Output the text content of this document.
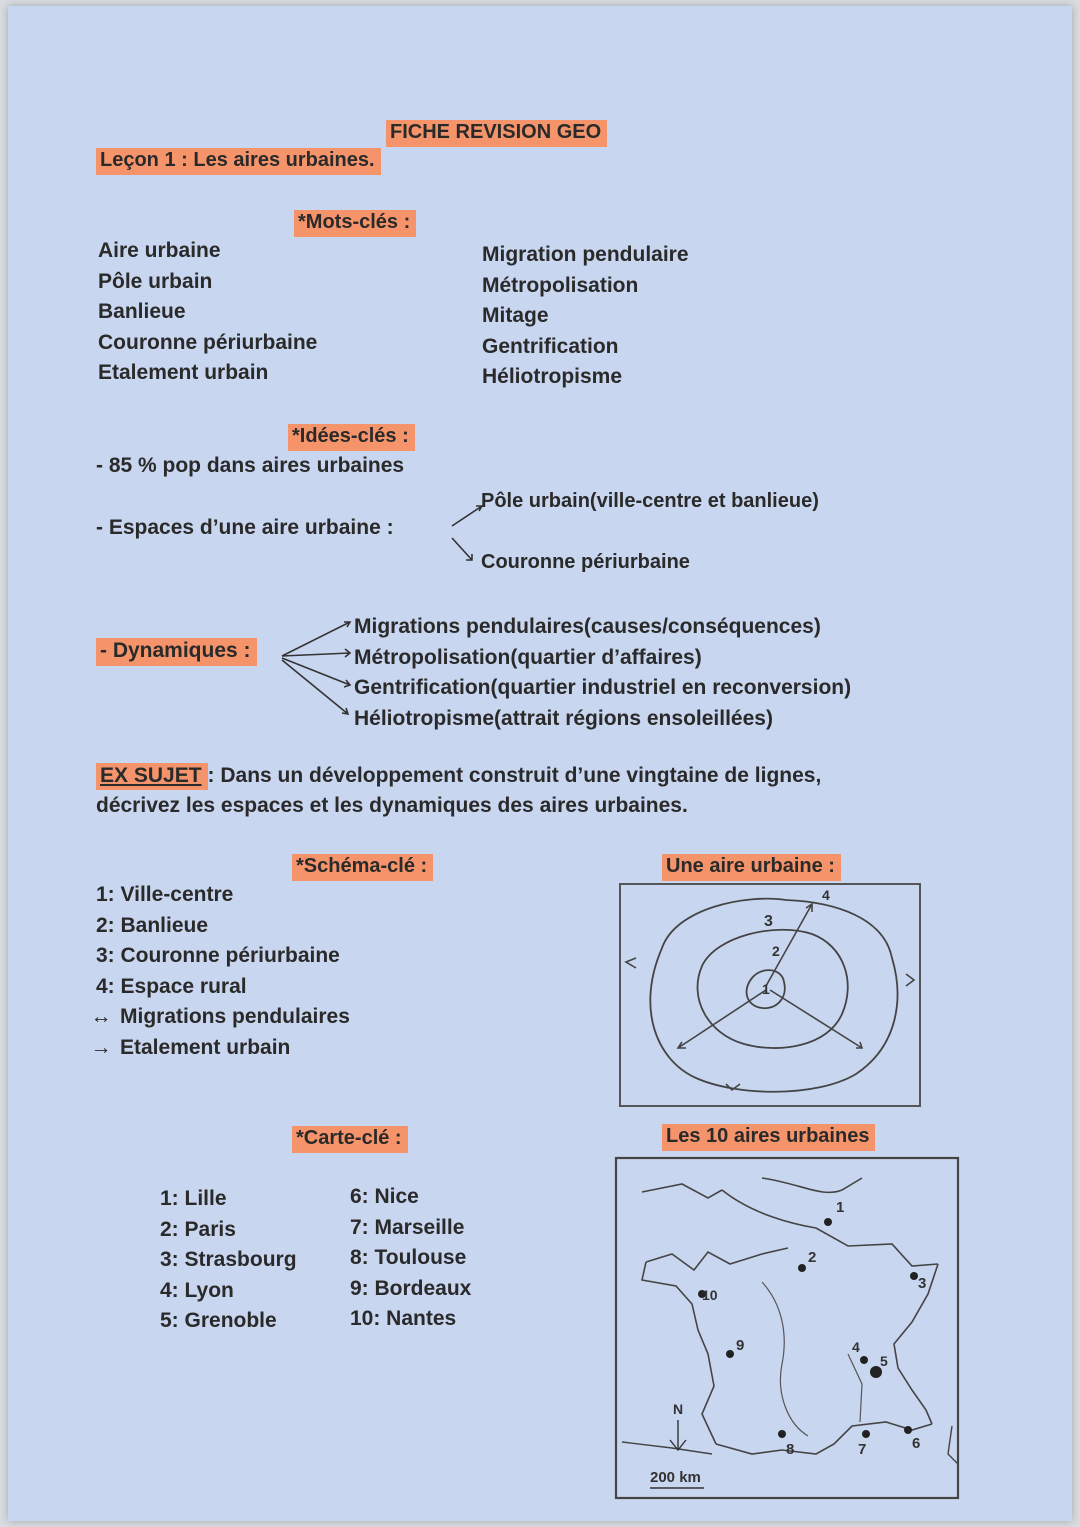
FICHE REVISION GEO
Leçon 1 : Les aires urbaines.
*Mots-clés :
Aire urbaine
Pôle urbain
Banlieue
Couronne périurbaine
Etalement urbain
Migration pendulaire
Métropolisation
Mitage
Gentrification
Héliotropisme
*Idées-clés :
- 85 % pop dans aires urbaines
- Espaces d’une aire urbaine :
Pôle urbain(ville-centre et banlieue)
Couronne périurbaine
- Dynamiques :
Migrations pendulaires(causes/conséquences)
Métropolisation(quartier d’affaires)
Gentrification(quartier industriel en reconversion)
Héliotropisme(attrait régions ensoleillées)
EX SUJET : Dans un développement construit d’une vingtaine de lignes,
décrivez les espaces et les dynamiques des aires urbaines.
*Schéma-clé :
1: Ville-centre
2: Banlieue
3: Couronne périurbaine
4: Espace rural
↔ Migrations pendulaires
→ Etalement urbain
Une aire urbaine :
1
2
3
4
*Carte-clé :
1: Lille
2: Paris
3: Strasbourg
4: Lyon
5: Grenoble
6: Nice
7: Marseille
8: Toulouse
9: Bordeaux
10: Nantes
Les 10 aires urbaines
1
2
3
4
5
6
7
8
9
10
N
200 km
